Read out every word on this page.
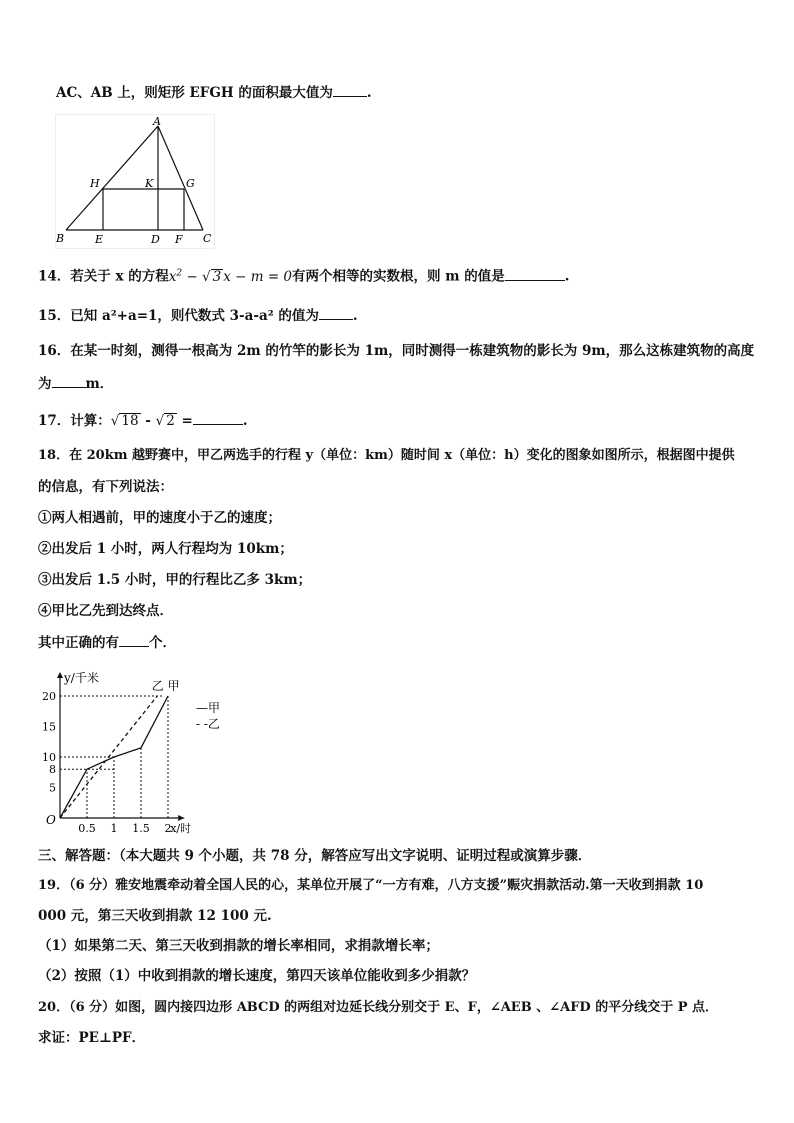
AC、AB 上，则矩形 EFGH 的面积最大值为	.
A
H	K	G
B	E	D F C
14．若关于 x 的方程$x^2$ − √ 3 x − m = 0有两个相等的实数根，则 m 的值是	.
15．已知 a²+a=1，则代数式 3-a-a² 的值为	.
16．在某一时刻，测得一根高为 2m 的竹竿的影长为 1m，同时测得一栋建筑物的影长为 9m，那么这栋建筑物的高度
为	m．
17．计算：√ 18 - √ 2 =	.
18．在 20km 越野赛中，甲乙两选手的行程 y（单位：km）随时间 x（单位：h）变化的图象如图所示，根据图中提供
的信息，有下列说法：
①两人相遇前，甲的速度小于乙的速度；
②出发后 1 小时，两人行程均为 10km；
③出发后 1.5 小时，甲的行程比乙多 3km；
④甲比乙先到达终点．
其中正确的有 个．
0.5 1 1.5 2
5
8
10
15
20
O
x/时
y/千米
乙 甲
—甲
- -乙
三、解答题：（本大题共 9 个小题，共 78 分，解答应写出文字说明、证明过程或演算步骤．
19．（6 分）雅安地震牵动着全国人民的心，某单位开展了“一方有难，八方支援”赈灾捐款活动.第一天收到捐款 10
000 元，第三天收到捐款 12 100 元.
（1）如果第二天、第三天收到捐款的增长率相同，求捐款增长率；
（2）按照（1）中收到捐款的增长速度，第四天该单位能收到多少捐款？
20．（6 分）如图，圆内接四边形 ABCD 的两组对边延长线分别交于 E、F，∠AEB 、∠AFD 的平分线交于 P 点．
求证：PE⊥PF．
